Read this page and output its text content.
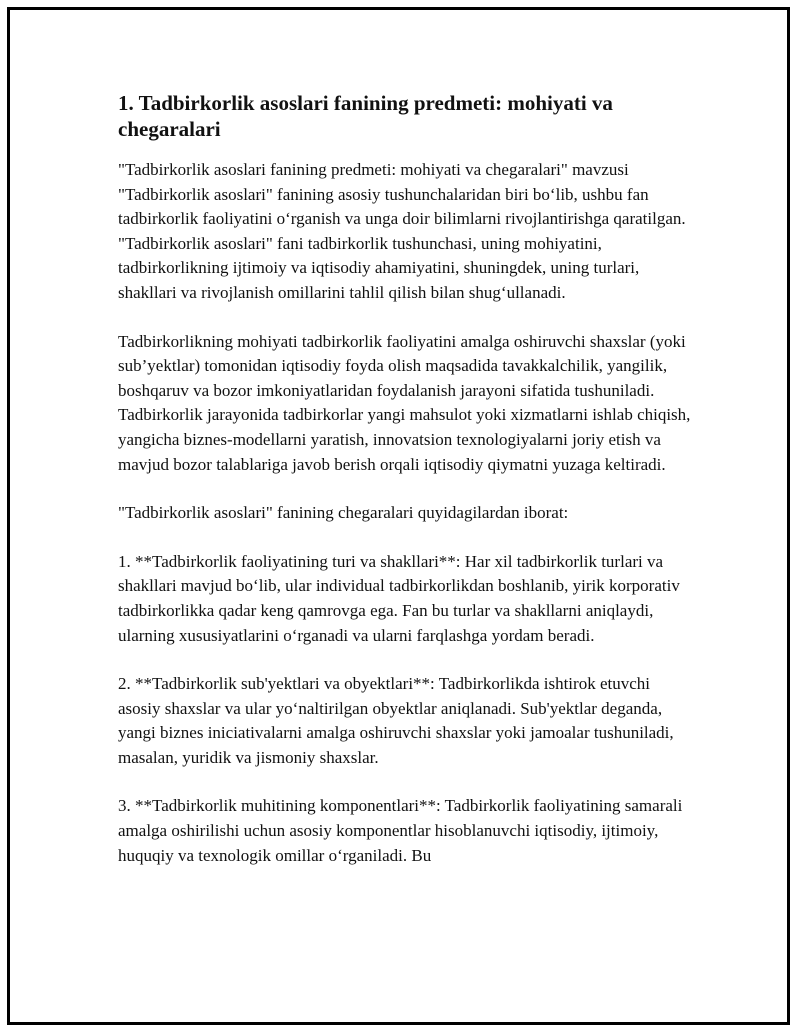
1. Tadbirkorlik asoslari fanining predmeti: mohiyati va chegaralari

"Tadbirkorlik asoslari fanining predmeti: mohiyati va chegaralari" mavzusi "Tadbirkorlik asoslari" fanining asosiy tushunchalaridan biri bo‘lib, ushbu fan tadbirkorlik faoliyatini o‘rganish va unga doir bilimlarni rivojlantirishga qaratilgan. "Tadbirkorlik asoslari" fani tadbirkorlik tushunchasi, uning mohiyatini, tadbirkorlikning ijtimoiy va iqtisodiy ahamiyatini, shuningdek, uning turlari, shakllari va rivojlanish omillarini tahlil qilish bilan shug‘ullanadi.

Tadbirkorlikning mohiyati tadbirkorlik faoliyatini amalga oshiruvchi shaxslar (yoki sub’yektlar) tomonidan iqtisodiy foyda olish maqsadida tavakkalchilik, yangilik, boshqaruv va bozor imkoniyatlaridan foydalanish jarayoni sifatida tushuniladi. Tadbirkorlik jarayonida tadbirkorlar yangi mahsulot yoki xizmatlarni ishlab chiqish, yangicha biznes-modellarni yaratish, innovatsion texnologiyalarni joriy etish va mavjud bozor talablariga javob berish orqali iqtisodiy qiymatni yuzaga keltiradi.

"Tadbirkorlik asoslari" fanining chegaralari quyidagilardan iborat:

1. **Tadbirkorlik faoliyatining turi va shakllari**: Har xil tadbirkorlik turlari va shakllari mavjud bo‘lib, ular individual tadbirkorlikdan boshlanib, yirik korporativ tadbirkorlikka qadar keng qamrovga ega. Fan bu turlar va shakllarni aniqlaydi, ularning xususiyatlarini o‘rganadi va ularni farqlashga yordam beradi.

2. **Tadbirkorlik sub'yektlari va obyektlari**: Tadbirkorlikda ishtirok etuvchi asosiy shaxslar va ular yo‘naltirilgan obyektlar aniqlanadi. Sub'yektlar deganda, yangi biznes iniciativalarni amalga oshiruvchi shaxslar yoki jamoalar tushuniladi, masalan, yuridik va jismoniy shaxslar.

3. **Tadbirkorlik muhitining komponentlari**: Tadbirkorlik faoliyatining samarali amalga oshirilishi uchun asosiy komponentlar hisoblanuvchi iqtisodiy, ijtimoiy, huquqiy va texnologik omillar o‘rganiladi. Bu
